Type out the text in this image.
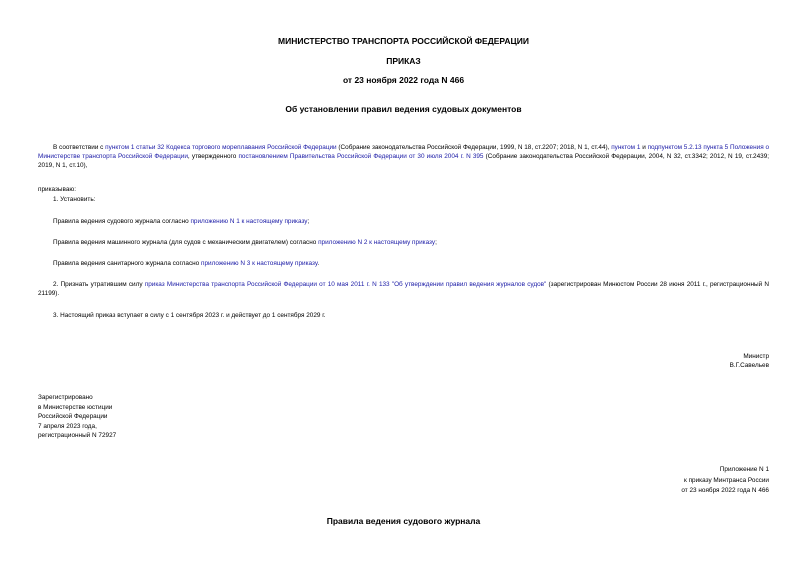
МИНИСТЕРСТВО ТРАНСПОРТА РОССИЙСКОЙ ФЕДЕРАЦИИ
ПРИКАЗ
от 23 ноября 2022 года N 466
Об установлении правил ведения судовых документов
В соответствии с пунктом 1 статьи 32 Кодекса торгового мореплавания Российской Федерации (Собрание законодательства Российской Федерации, 1999, N 18, ст.2207; 2018, N 1, ст.44), пунктом 1 и подпунктом 5.2.13 пункта 5 Положения о Министерстве транспорта Российской Федерации, утвержденного постановлением Правительства Российской Федерации от 30 июля 2004 г. N 395 (Собрание законодательства Российской Федерации, 2004, N 32, ст.3342; 2012, N 19, ст.2439; 2019, N 1, ст.10),
приказываю:
1. Установить:
Правила ведения судового журнала согласно приложению N 1 к настоящему приказу;
Правила ведения машинного журнала (для судов с механическим двигателем) согласно приложению N 2 к настоящему приказу;
Правила ведения санитарного журнала согласно приложению N 3 к настоящему приказу.
2. Признать утратившим силу приказ Министерства транспорта Российской Федерации от 10 мая 2011 г. N 133 "Об утверждении правил ведения журналов судов" (зарегистрирован Минюстом России 28 июня 2011 г., регистрационный N 21199).
3. Настоящий приказ вступает в силу с 1 сентября 2023 г. и действует до 1 сентября 2029 г.
Министр
В.Г.Савельев
Зарегистрировано
в Министерстве юстиции
Российской Федерации
7 апреля 2023 года,
регистрационный N 72927
Приложение N 1
к приказу Минтранса России
от 23 ноября 2022 года N 466
Правила ведения судового журнала
